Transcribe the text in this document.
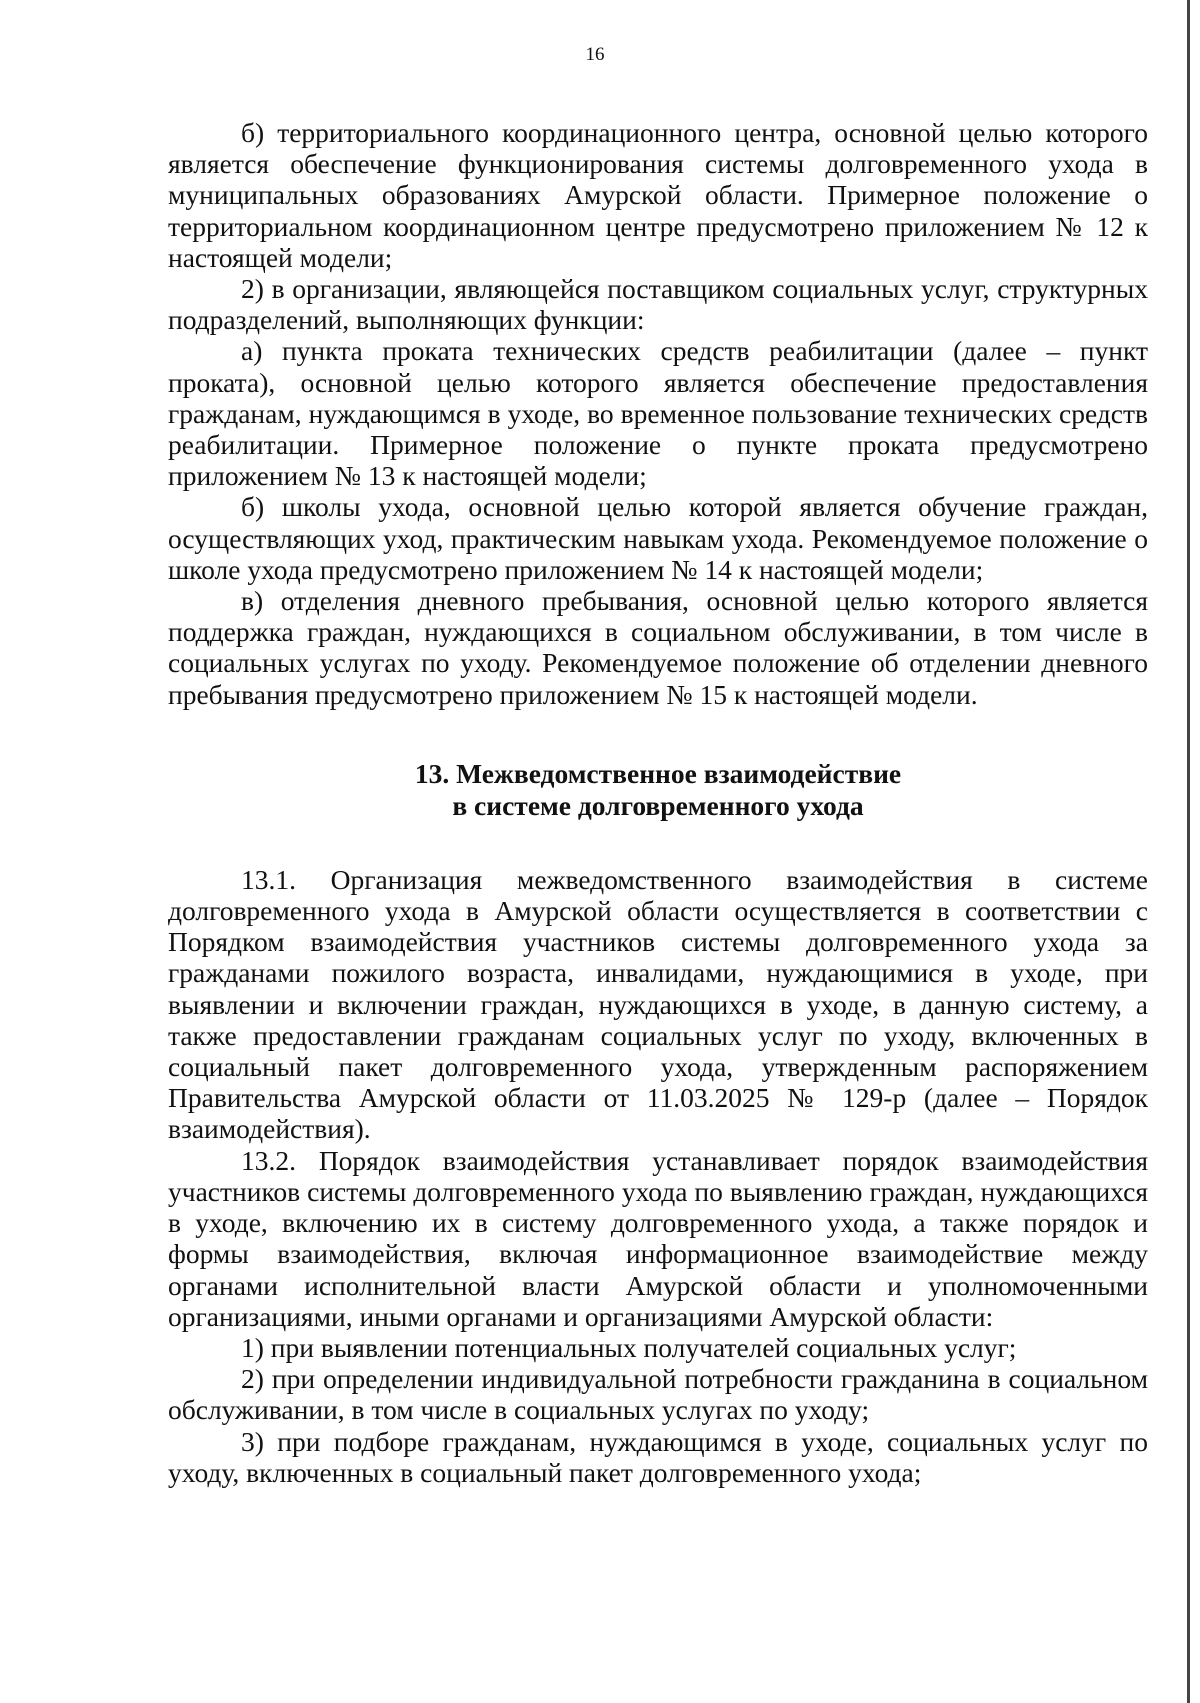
16

б) территориального координационного центра, основной целью которого является обеспечение функционирования системы долговременного ухода в муниципальных образованиях Амурской области. Примерное положение о территориальном координационном центре предусмотрено приложением № 12 к настоящей модели;

2) в организации, являющейся поставщиком социальных услуг, структурных подразделений, выполняющих функции:

а) пункта проката технических средств реабилитации (далее – пункт проката), основной целью которого является обеспечение предоставления гражданам, нуждающимся в уходе, во временное пользование технических средств реабилитации. Примерное положение о пункте проката предусмотрено приложением № 13 к настоящей модели;

б) школы ухода, основной целью которой является обучение граждан, осуществляющих уход, практическим навыкам ухода. Рекомендуемое положение о школе ухода предусмотрено приложением № 14 к настоящей модели;

в) отделения дневного пребывания, основной целью которого является поддержка граждан, нуждающихся в социальном обслуживании, в том числе в социальных услугах по уходу. Рекомендуемое положение об отделении дневного пребывания предусмотрено приложением № 15 к настоящей модели.

13. Межведомственное взаимодействие
в системе долговременного ухода

13.1. Организация межведомственного взаимодействия в системе долговременного ухода в Амурской области осуществляется в соответствии с Порядком взаимодействия участников системы долговременного ухода за гражданами пожилого возраста, инвалидами, нуждающимися в уходе, при выявлении и включении граждан, нуждающихся в уходе, в данную систему, а также предоставлении гражданам социальных услуг по уходу, включенных в социальный пакет долговременного ухода, утвержденным распоряжением Правительства Амурской области от 11.03.2025 № 129-р (далее – Порядок взаимодействия).

13.2. Порядок взаимодействия устанавливает порядок взаимодействия участников системы долговременного ухода по выявлению граждан, нуждающихся в уходе, включению их в систему долговременного ухода, а также порядок и формы взаимодействия, включая информационное взаимодействие между органами исполнительной власти Амурской области и уполномоченными организациями, иными органами и организациями Амурской области:

1) при выявлении потенциальных получателей социальных услуг;

2) при определении индивидуальной потребности гражданина в социальном обслуживании, в том числе в социальных услугах по уходу;

3) при подборе гражданам, нуждающимся в уходе, социальных услуг по уходу, включенных в социальный пакет долговременного ухода;
